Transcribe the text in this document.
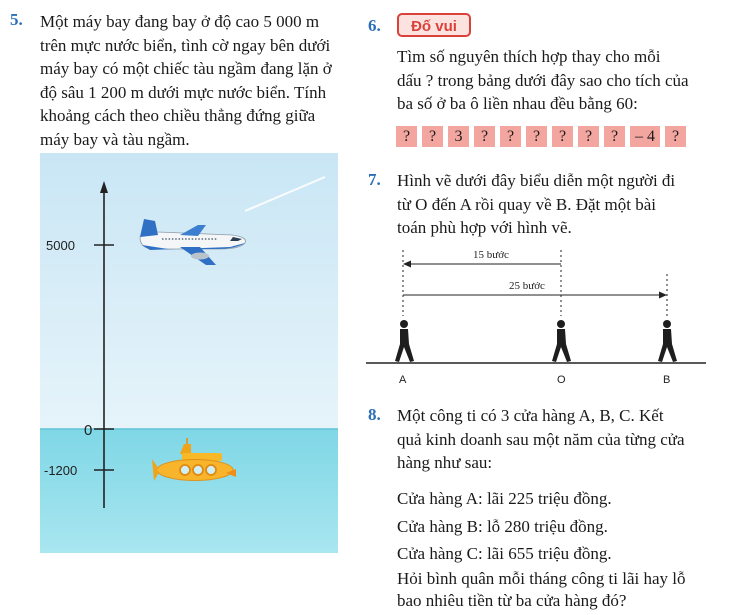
5. Một máy bay đang bay ở độ cao 5 000 m
trên mực nước biển, tình cờ ngay bên dưới
máy bay có một chiếc tàu ngầm đang lặn ở
độ sâu 1 200 m dưới mực nước biển. Tính
khoảng cách theo chiều thẳng đứng giữa
máy bay và tàu ngầm.
5000
0
-1200
6.	Đố vui
Tìm số nguyên thích hợp thay cho mỗi
dấu ? trong bảng dưới đây sao cho tích của
ba số ở ba ô liền nhau đều bằng 60:
?	?	3	?	?	?	?	?	?	– 4	?
7. Hình vẽ dưới đây biểu diễn một người đi
từ O đến A rồi quay về B. Đặt một bài
toán phù hợp với hình vẽ.
15 bước
25 bước
A	O	B
8. Một công ti có 3 cửa hàng A, B, C. Kết
quả kinh doanh sau một năm của từng cửa
hàng như sau:
Cửa hàng A: lãi 225 triệu đồng.
Cửa hàng B: lỗ 280 triệu đồng.
Cửa hàng C: lãi 655 triệu đồng.
Hỏi bình quân mỗi tháng công ti lãi hay lỗ
bao nhiêu tiền từ ba cửa hàng đó?
